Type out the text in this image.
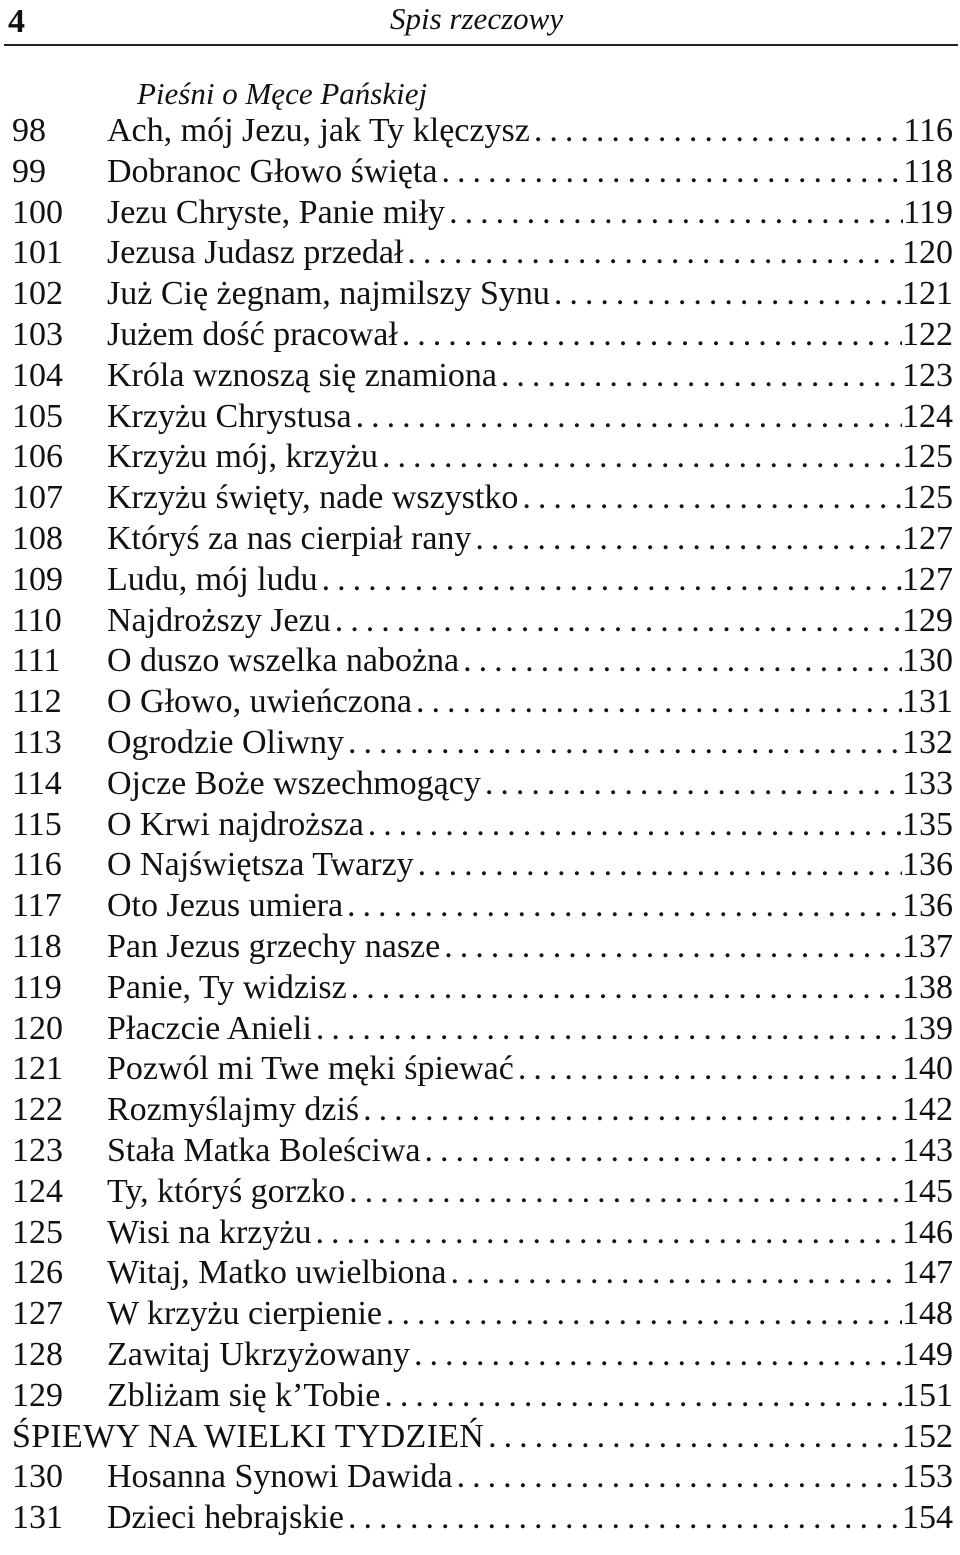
4	Spis rzeczowy
Pieśni o Męce Pańskiej
98	Ach, mój Jezu, jak Ty klęczysz . . .	116
99	Dobranoc Głowo święta . . .	118
100	Jezu Chryste, Panie miły . . .	119
101	Jezusa Judasz przedał . . .	120
102	Już Cię żegnam, najmilszy Synu . . .	121
103	Jużem dość pracował . . .	122
104	Króla wznoszą się znamiona . . .	123
105	Krzyżu Chrystusa . . .	124
106	Krzyżu mój, krzyżu . . .	125
107	Krzyżu święty, nade wszystko . . .	125
108	Któryś za nas cierpiał rany . . .	127
109	Ludu, mój ludu . . .	127
110	Najdroższy Jezu . . .	129
111	O duszo wszelka nabożna . . .	130
112	O Głowo, uwieńczona . . .	131
113	Ogrodzie Oliwny . . .	132
114	Ojcze Boże wszechmogący . . .	133
115	O Krwi najdroższa . . .	135
116	O Najświętsza Twarzy . . .	136
117	Oto Jezus umiera . . .	136
118	Pan Jezus grzechy nasze . . .	137
119	Panie, Ty widzisz . . .	138
120	Płaczcie Anieli . . .	139
121	Pozwól mi Twe męki śpiewać . . .	140
122	Rozmyślajmy dziś . . .	142
123	Stała Matka Boleściwa . . .	143
124	Ty, któryś gorzko . . .	145
125	Wisi na krzyżu . . .	146
126	Witaj, Matko uwielbiona . . .	147
127	W krzyżu cierpienie . . .	148
128	Zawitaj Ukrzyżowany . . .	149
129	Zbliżam się k’Tobie . . .	151
ŚPIEWY NA WIELKI TYDZIEŃ . . .	152
130	Hosanna Synowi Dawida . . .	153
131	Dzieci hebrajskie . . .	154
